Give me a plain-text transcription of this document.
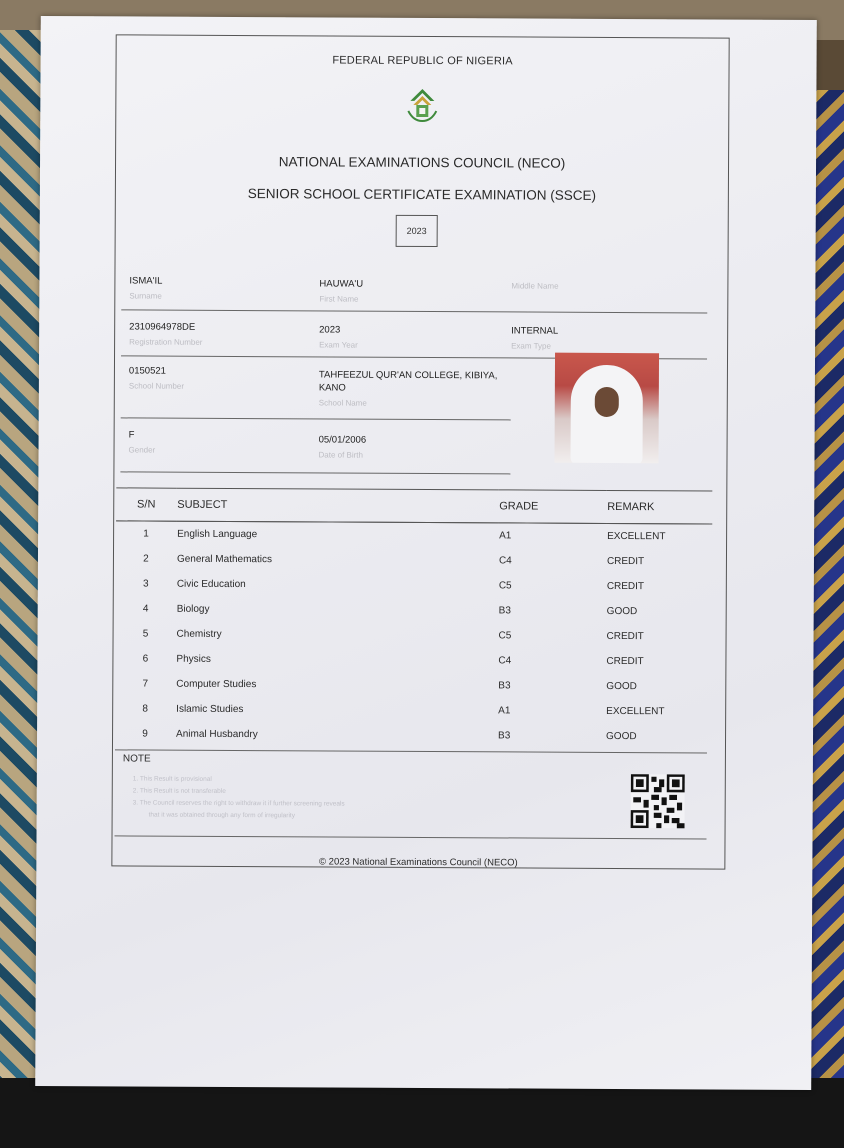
FEDERAL REPUBLIC OF NIGERIA
NATIONAL EXAMINATIONS COUNCIL (NECO)
SENIOR SCHOOL CERTIFICATE EXAMINATION (SSCE)
2023
ISMA'IL
Surname
HAUWA'U
First Name
Middle Name
2310964978DE
Registration Number
2023
Exam Year
INTERNAL
Exam Type
0150521
School Number
TAHFEEZUL QUR'AN COLLEGE, KIBIYA, KANO
School Name
F
Gender
05/01/2006
Date of Birth
S/N	SUBJECT	GRADE	REMARK
1	English Language	A1	EXCELLENT
2	General Mathematics	C4	CREDIT
3	Civic Education	C5	CREDIT
4	Biology	B3	GOOD
5	Chemistry	C5	CREDIT
6	Physics	C4	CREDIT
7	Computer Studies	B3	GOOD
8	Islamic Studies	A1	EXCELLENT
9	Animal Husbandry	B3	GOOD
NOTE
1. This Result is provisional
2. This Result is not transferable
3. The Council reserves the right to withdraw it if further screening reveals
that it was obtained through any form of irregularity
© 2023 National Examinations Council (NECO)
